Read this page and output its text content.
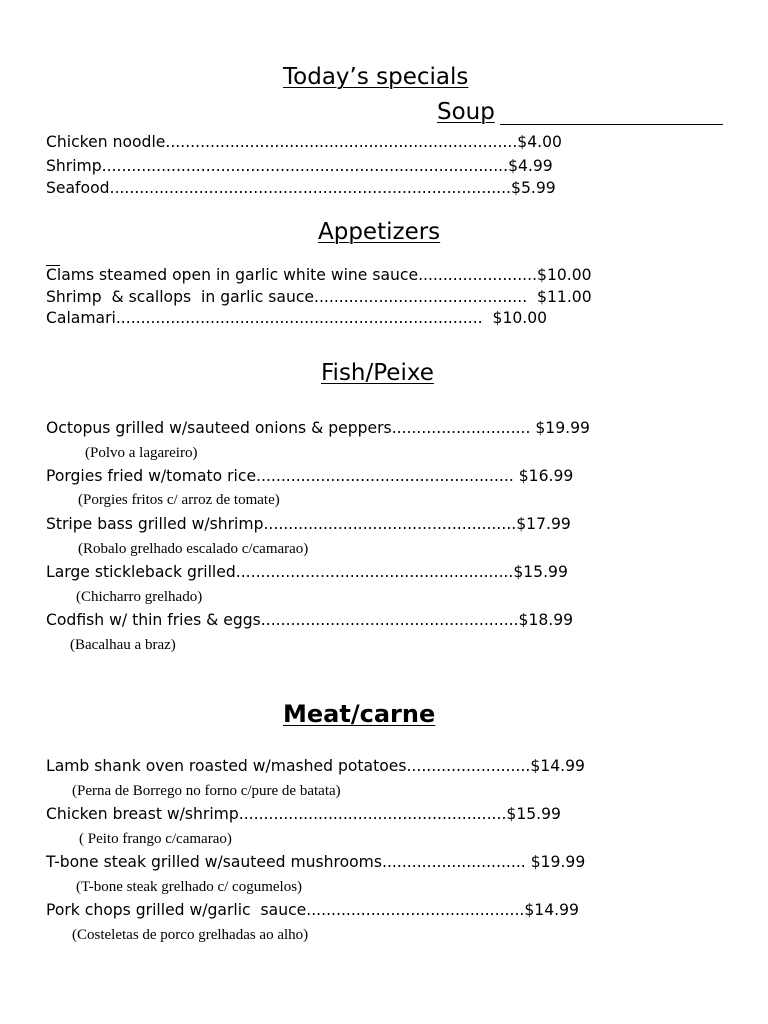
Today’s specials
Soup
Chicken noodle.......................................................................$4.00
Shrimp..................................................................................$4.99
Seafood.................................................................................$5.99
Appetizers
Clams steamed open in garlic white wine sauce........................$10.00
Shrimp  & scallops  in garlic sauce...........................................  $11.00
Calamari..........................................................................  $10.00
Fish/Peixe
Octopus grilled w/sauteed onions & peppers............................ $19.99
(Polvo a lagareiro)
Porgies fried w/tomato rice.................................................... $16.99
(Porgies fritos c/ arroz de tomate)
Stripe bass grilled w/shrimp...................................................$17.99
(Robalo grelhado escalado c/camarao)
Large stickleback grilled........................................................$15.99
(Chicharro grelhado)
Codfish w/ thin fries & eggs....................................................$18.99
(Bacalhau a braz)
Meat/carne
Lamb shank oven roasted w/mashed potatoes.........................$14.99
(Perna de Borrego no forno c/pure de batata)
Chicken breast w/shrimp......................................................$15.99
( Peito frango c/camarao)
T-bone steak grilled w/sauteed mushrooms............................. $19.99
(T-bone steak grelhado c/ cogumelos)
Pork chops grilled w/garlic  sauce............................................$14.99
(Costeletas de porco grelhadas ao alho)
